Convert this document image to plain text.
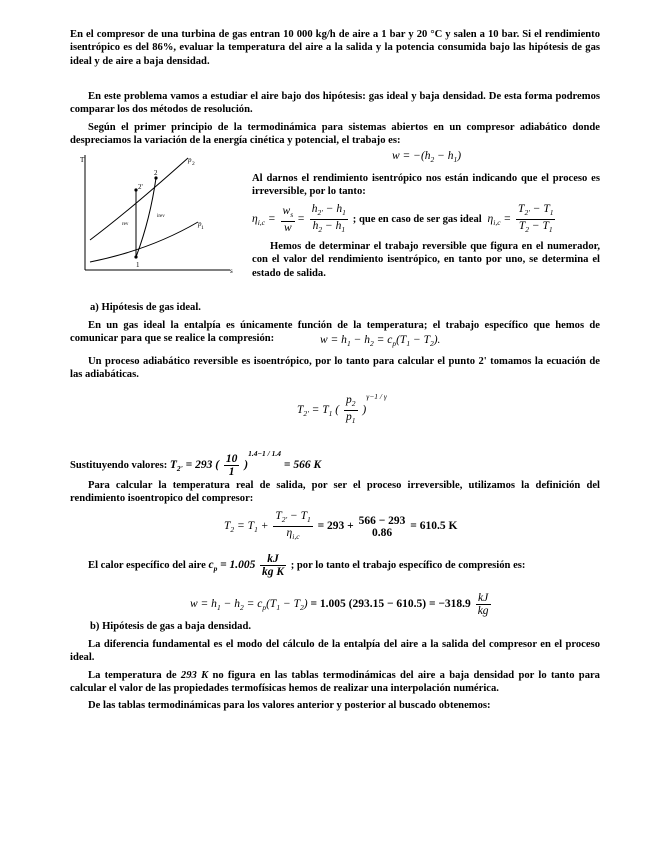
En el compresor de una turbina de gas entran 10 000 kg/h de aire a 1 bar y 20 °C y salen a 10 bar. Si el rendimiento isentrópico es del 86%, evaluar la temperatura del aire a la salida y la potencia consumida bajo las hipótesis de gas ideal y de aire a baja densidad.

En este problema vamos a estudiar el aire bajo dos hipótesis: gas ideal y baja densidad. De esta forma podremos comparar los dos métodos de resolución.

Según el primer principio de la termodinámica para sistemas abiertos en un compresor adiabático donde despreciamos la variación de la energía cinética y potencial, el trabajo es:

$w = -(h_2 - h_1)$
T
s
p 2
p 1
2
2'
1
rev
irev

Al darnos el rendimiento isentrópico nos están indicando que el proceso es irreversible, por lo tanto:

$\eta_{i,c} = \frac{w_s}{w} = \frac{h_{2'} - h_1}{h_2 - h_1}$ ; que en caso de ser gas ideal  $\eta_{i,c} = \frac{T_{2'} - T_1}{T_2 - T_1}$

Hemos de determinar el trabajo reversible que figura en el numerador, con el valor del rendimiento isentrópico, en tanto por uno, se determina el estado de salida.

a) Hipótesis de gas ideal.

En un gas ideal la entalpía es únicamente función de la temperatura; el trabajo específico que hemos de comunicar para que se realice la compresión:	$w = h_1 - h_2 = c_p(T_1 - T_2)$.

Un proceso adiabático reversible es isoentrópico, por lo tanto para calcular el punto 2' tomamos la ecuación de las adiabáticas.

$T_{2'} = T_1$ ( $\frac{p_2}{p_1} )^{\gamma-1 / \gamma}$
Sustituyendo valores: $T_{2'} = 293$ ( $\frac{10}{1} )^{1.4-1 / 1.4} = 566$ K

Para calcular la temperatura real de salida, por ser el proceso irreversible, utilizamos la definición del rendimiento isoentropico del compresor:

$T_2 = T_1 + \frac{T_{2'} - T_1}{\eta_{i,c}} = 293 + 566 - 293$
0.86
= 610.5 K
El calor específico del aire $c_p = 1.005 \frac{kJ}{\text{kg K}}$ ; por lo tanto el trabajo específico de compresión es:
$w = h_1 - h_2 = c_p(T_1 - T_2) = 1.005$ $(293.15 - 610.5) = -318.9 \frac{kJ}{kg}$

b) Hipótesis de gas a baja densidad.

La diferencia fundamental es el modo del cálculo de la entalpía del aire a la salida del compresor en el proceso ideal.

La temperatura de 293 K no figura en las tablas termodinámicas del aire a baja densidad por lo tanto para calcular el valor de las propiedades termofísicas hemos de realizar una interpolación numérica.

De las tablas termodinámicas para los valores anterior y posterior al buscado obtenemos:
